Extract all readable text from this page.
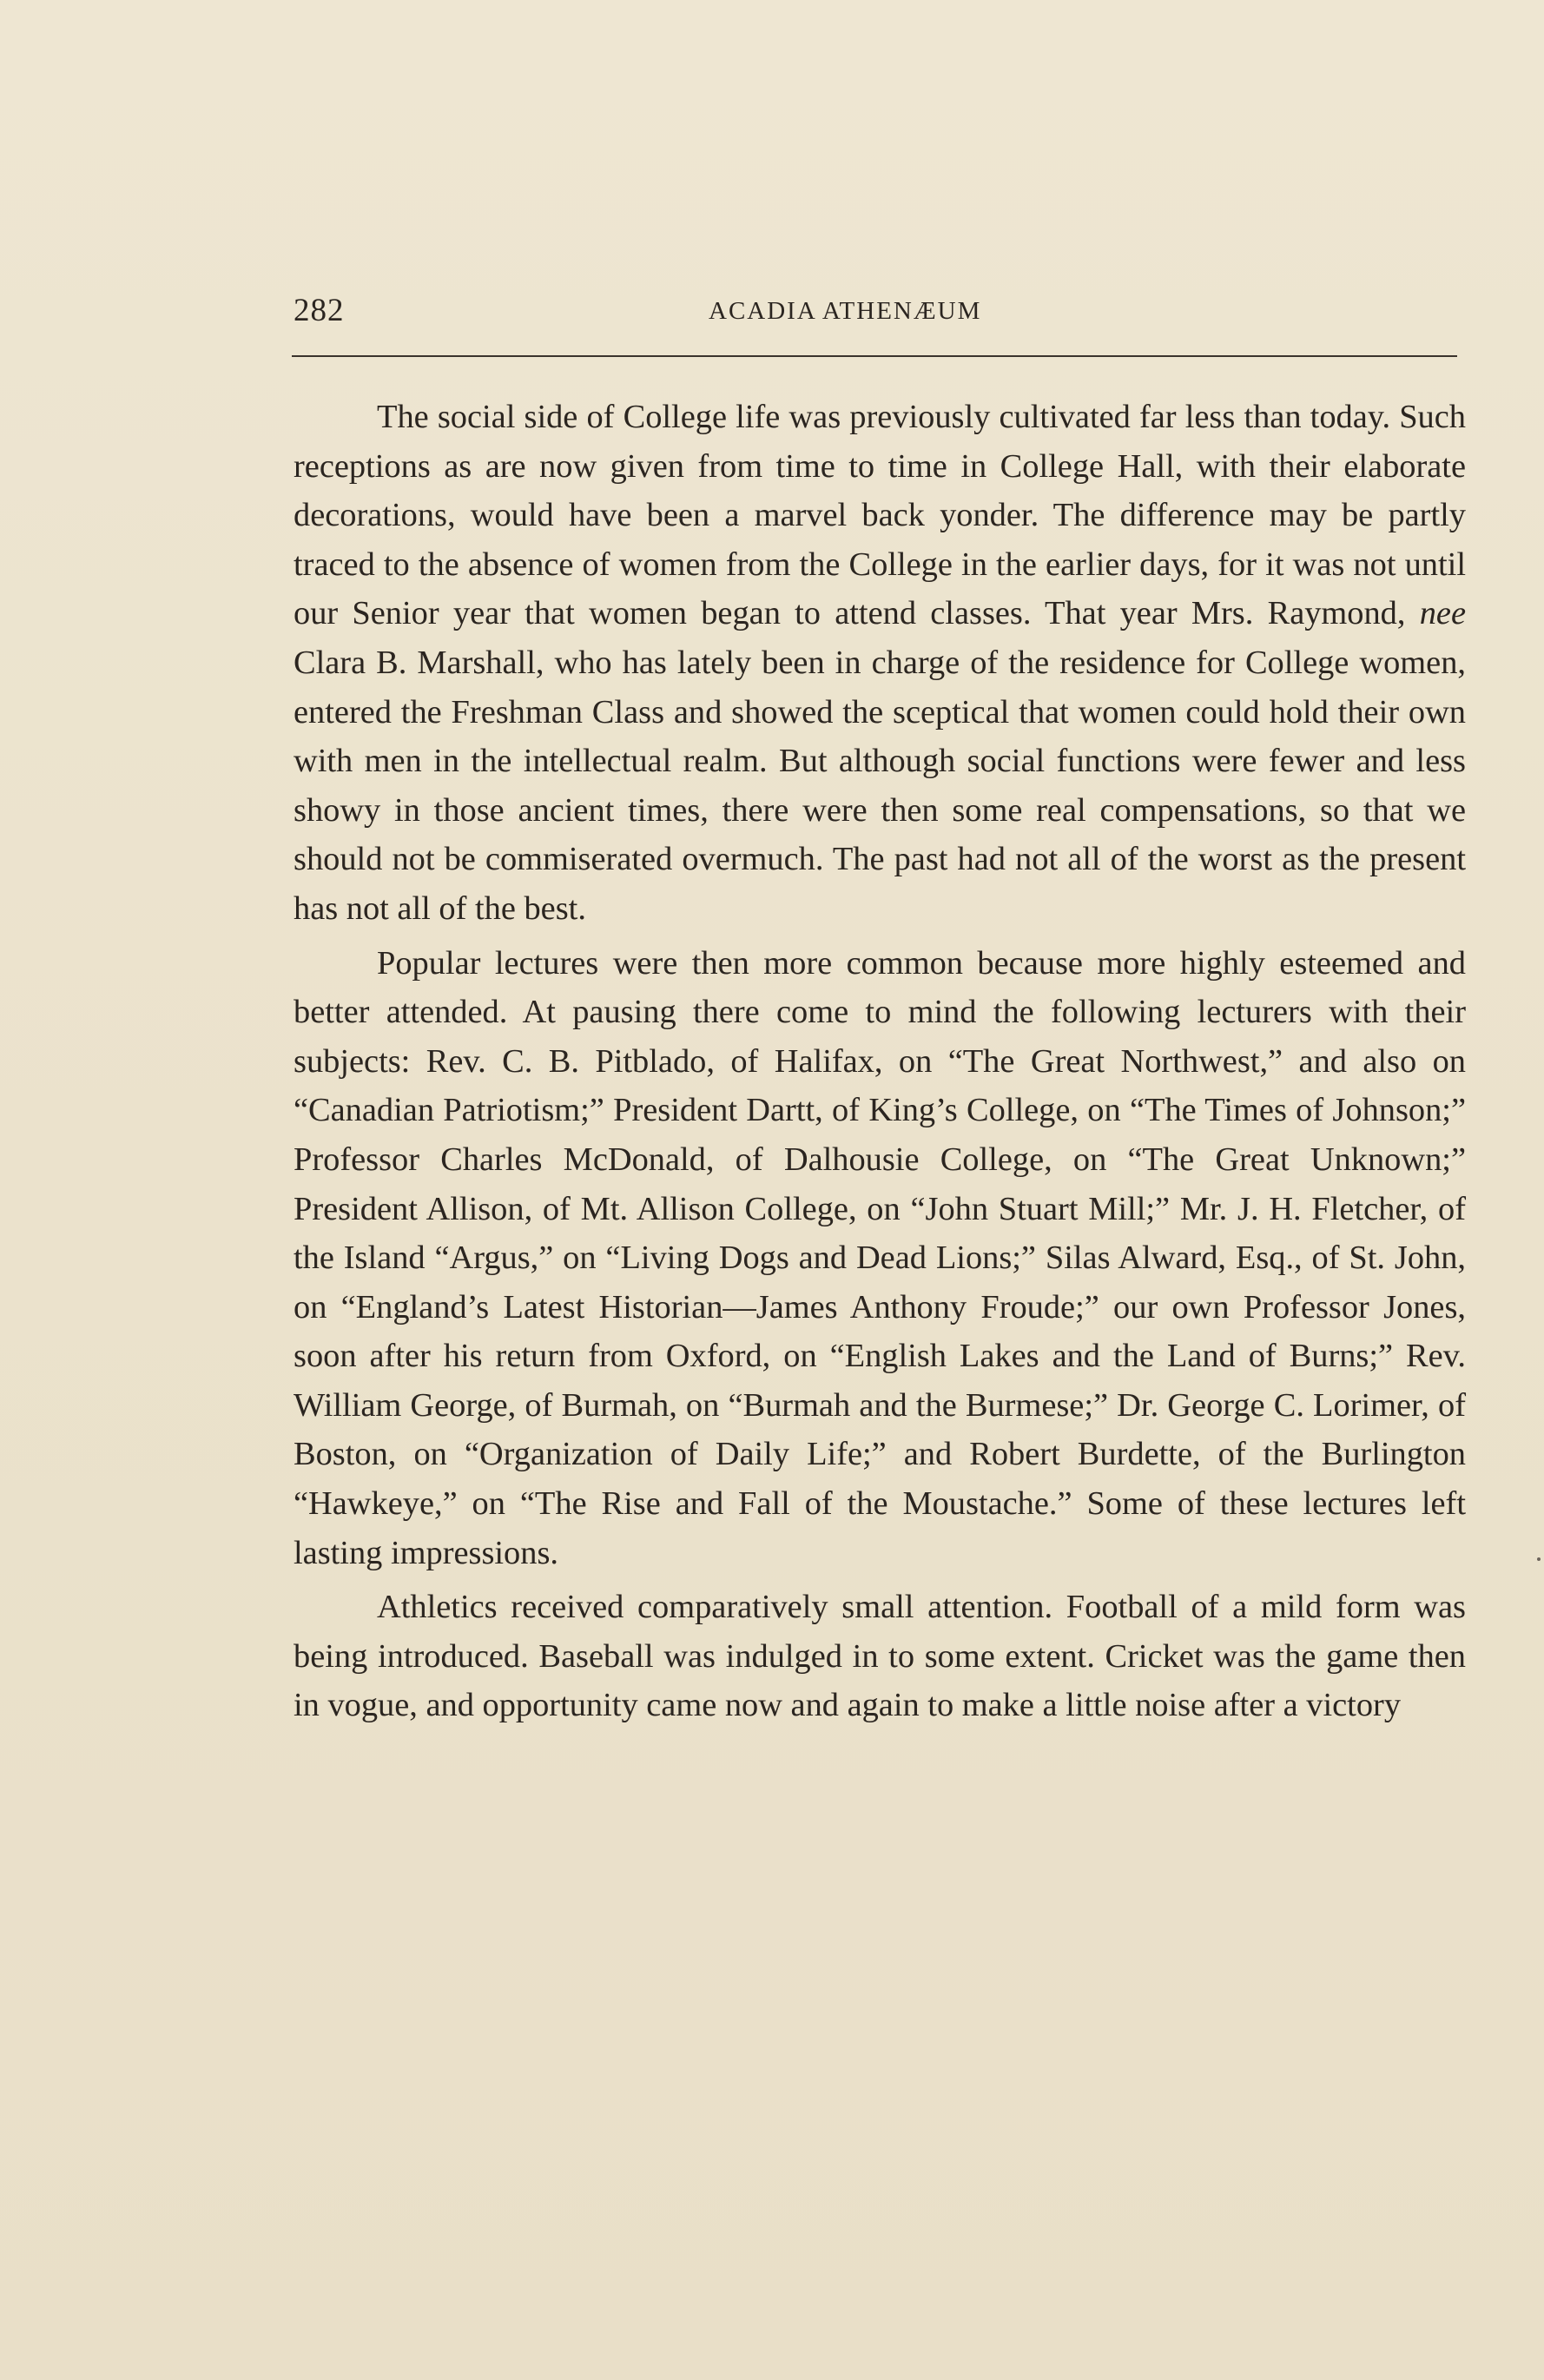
282	ACADIA ATHENÆUM

The social side of College life was previously cultivated far less than today. Such receptions as are now given from time to time in College Hall, with their elaborate decorations, would have been a marvel back yonder. The difference may be partly traced to the absence of women from the College in the earlier days, for it was not until our Senior year that women began to attend classes. That year Mrs. Raymond, nee Clara B. Marshall, who has lately been in charge of the residence for College women, entered the Freshman Class and showed the sceptical that women could hold their own with men in the intellectual realm. But although social functions were fewer and less showy in those ancient times, there were then some real compensations, so that we should not be commiserated overmuch. The past had not all of the worst as the present has not all of the best.

Popular lectures were then more common because more highly esteemed and better attended. At pausing there come to mind the following lecturers with their subjects: Rev. C. B. Pitblado, of Halifax, on “The Great Northwest,” and also on “Canadian Patriotism;” President Dartt, of King’s College, on “The Times of Johnson;” Professor Charles McDonald, of Dalhousie College, on “The Great Unknown;” President Allison, of Mt. Allison College, on “John Stuart Mill;” Mr. J. H. Fletcher, of the Island “Argus,” on “Living Dogs and Dead Lions;” Silas Alward, Esq., of St. John, on “England’s Latest Historian—James Anthony Froude;” our own Professor Jones, soon after his return from Oxford, on “English Lakes and the Land of Burns;” Rev. William George, of Burmah, on “Burmah and the Burmese;” Dr. George C. Lorimer, of Boston, on “Organization of Daily Life;” and Robert Burdette, of the Burlington “Hawkeye,” on “The Rise and Fall of the Moustache.” Some of these lectures left lasting impressions.

Athletics received comparatively small attention. Football of a mild form was being introduced. Baseball was indulged in to some extent. Cricket was the game then in vogue, and opportunity came now and again to make a little noise after a victory
